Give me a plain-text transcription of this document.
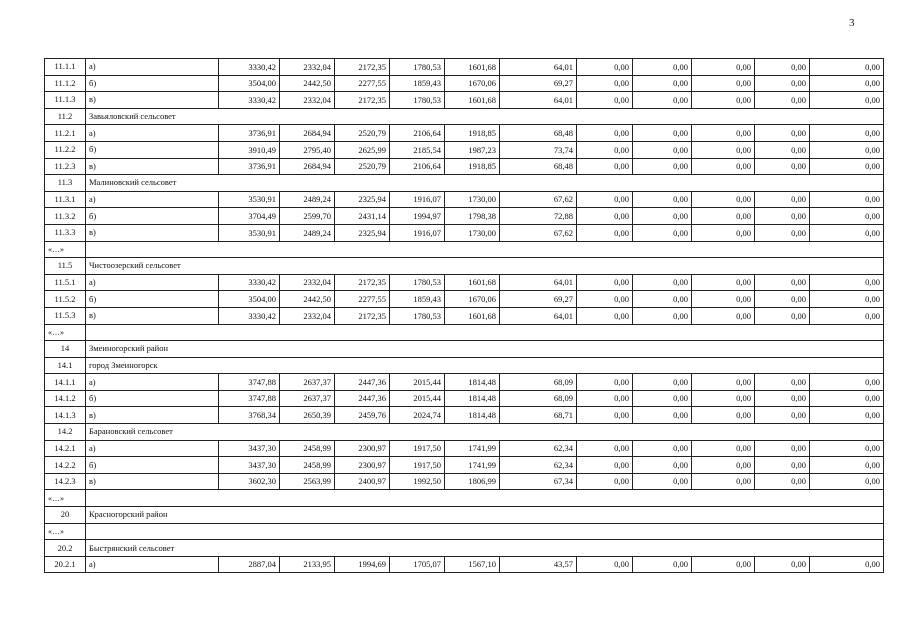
3
11.1.1	а)	3330,42	2332,04	2172,35	1780,53	1601,68	64,01	0,00	0,00	0,00	0,00	0,00
11.1.2	б)	3504,00	2442,50	2277,55	1859,43	1670,06	69,27	0,00	0,00	0,00	0,00	0,00
11.1.3	в)	3330,42	2332,04	2172,35	1780,53	1601,68	64,01	0,00	0,00	0,00	0,00	0,00
11.2	Завьяловский сельсовет											
11.2.1	а)	3736,91	2684,94	2520,79	2106,64	1918,85	68,48	0,00	0,00	0,00	0,00	0,00
11.2.2	б)	3910,49	2795,40	2625,99	2185,54	1987,23	73,74	0,00	0,00	0,00	0,00	0,00
11.2.3	в)	3736,91	2684,94	2520,79	2106,64	1918,85	68,48	0,00	0,00	0,00	0,00	0,00
11.3	Малиновский сельсовет											
11.3.1	а)	3530,91	2489,24	2325,94	1916,07	1730,00	67,62	0,00	0,00	0,00	0,00	0,00
11.3.2	б)	3704,49	2599,70	2431,14	1994,97	1798,38	72,88	0,00	0,00	0,00	0,00	0,00
11.3.3	в)	3530,91	2489,24	2325,94	1916,07	1730,00	67,62	0,00	0,00	0,00	0,00	0,00
«…»												
11.5	Чистоозерский сельсовет											
11.5.1	а)	3330,42	2332,04	2172,35	1780,53	1601,68	64,01	0,00	0,00	0,00	0,00	0,00
11.5.2	б)	3504,00	2442,50	2277,55	1859,43	1670,06	69,27	0,00	0,00	0,00	0,00	0,00
11.5.3	в)	3330,42	2332,04	2172,35	1780,53	1601,68	64,01	0,00	0,00	0,00	0,00	0,00
«…»												
14	Змеиногорский район											
14.1	город Змеиногорск											
14.1.1	а)	3747,88	2637,37	2447,36	2015,44	1814,48	68,09	0,00	0,00	0,00	0,00	0,00
14.1.2	б)	3747,88	2637,37	2447,36	2015,44	1814,48	68,09	0,00	0,00	0,00	0,00	0,00
14.1.3	в)	3768,34	2650,39	2459,76	2024,74	1814,48	68,71	0,00	0,00	0,00	0,00	0,00
14.2	Барановский сельсовет											
14.2.1	а)	3437,30	2458,99	2300,97	1917,50	1741,99	62,34	0,00	0,00	0,00	0,00	0,00
14.2.2	б)	3437,30	2458,99	2300,97	1917,50	1741,99	62,34	0,00	0,00	0,00	0,00	0,00
14.2.3	в)	3602,30	2563,99	2400,97	1992,50	1806,99	67,34	0,00	0,00	0,00	0,00	0,00
«…»												
20	Красногорский район											
«…»												
20.2	Быстрянский сельсовет											
20.2.1	а)	2887,04	2133,95	1994,69	1705,07	1567,10	43,57	0,00	0,00	0,00	0,00	0,00
